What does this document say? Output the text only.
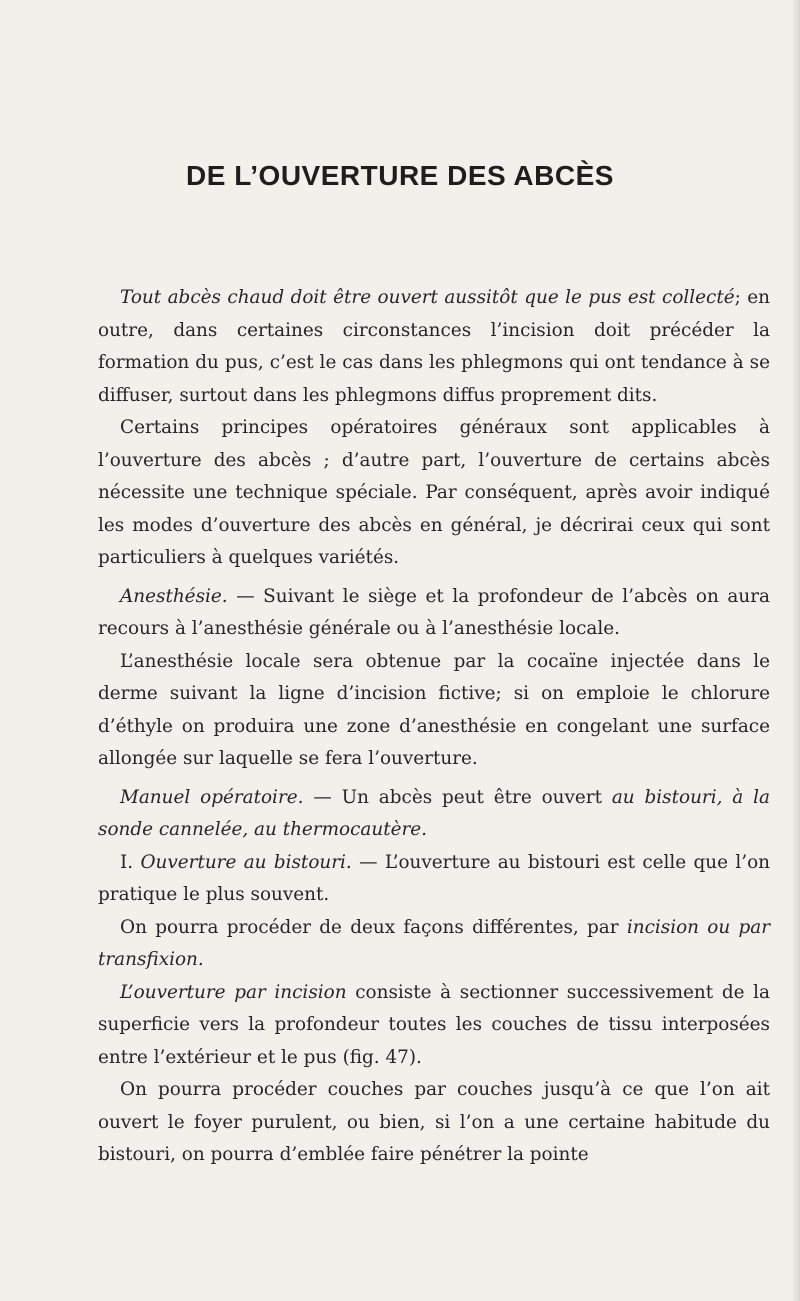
DE L’OUVERTURE DES ABCÈS

Tout abcès chaud doit être ouvert aussitôt que le pus est collecté; en outre, dans certaines circonstances l’incision doit précéder la formation du pus, c’est le cas dans les phlegmons qui ont tendance à se diffuser, surtout dans les phlegmons diffus proprement dits.

Certains principes opératoires généraux sont applicables à l’ouverture des abcès ; d’autre part, l’ouverture de certains abcès nécessite une technique spéciale. Par conséquent, après avoir indiqué les modes d’ouverture des abcès en général, je décrirai ceux qui sont particuliers à quelques variétés.

Anesthésie. — Suivant le siège et la profondeur de l’abcès on aura recours à l’anesthésie générale ou à l’anesthésie locale.

L’anesthésie locale sera obtenue par la cocaïne injectée dans le derme suivant la ligne d’incision fictive; si on emploie le chlorure d’éthyle on produira une zone d’anesthésie en congelant une surface allongée sur laquelle se fera l’ouverture.

Manuel opératoire. — Un abcès peut être ouvert au bistouri, à la sonde cannelée, au thermocautère.

I. Ouverture au bistouri. — L’ouverture au bistouri est celle que l’on pratique le plus souvent.

On pourra procéder de deux façons différentes, par incision ou par transfixion.

L’ouverture par incision consiste à sectionner successivement de la superficie vers la profondeur toutes les couches de tissu interposées entre l’extérieur et le pus (fig. 47).

On pourra procéder couches par couches jusqu’à ce que l’on ait ouvert le foyer purulent, ou bien, si l’on a une certaine habitude du bistouri, on pourra d’emblée faire pénétrer la pointe
